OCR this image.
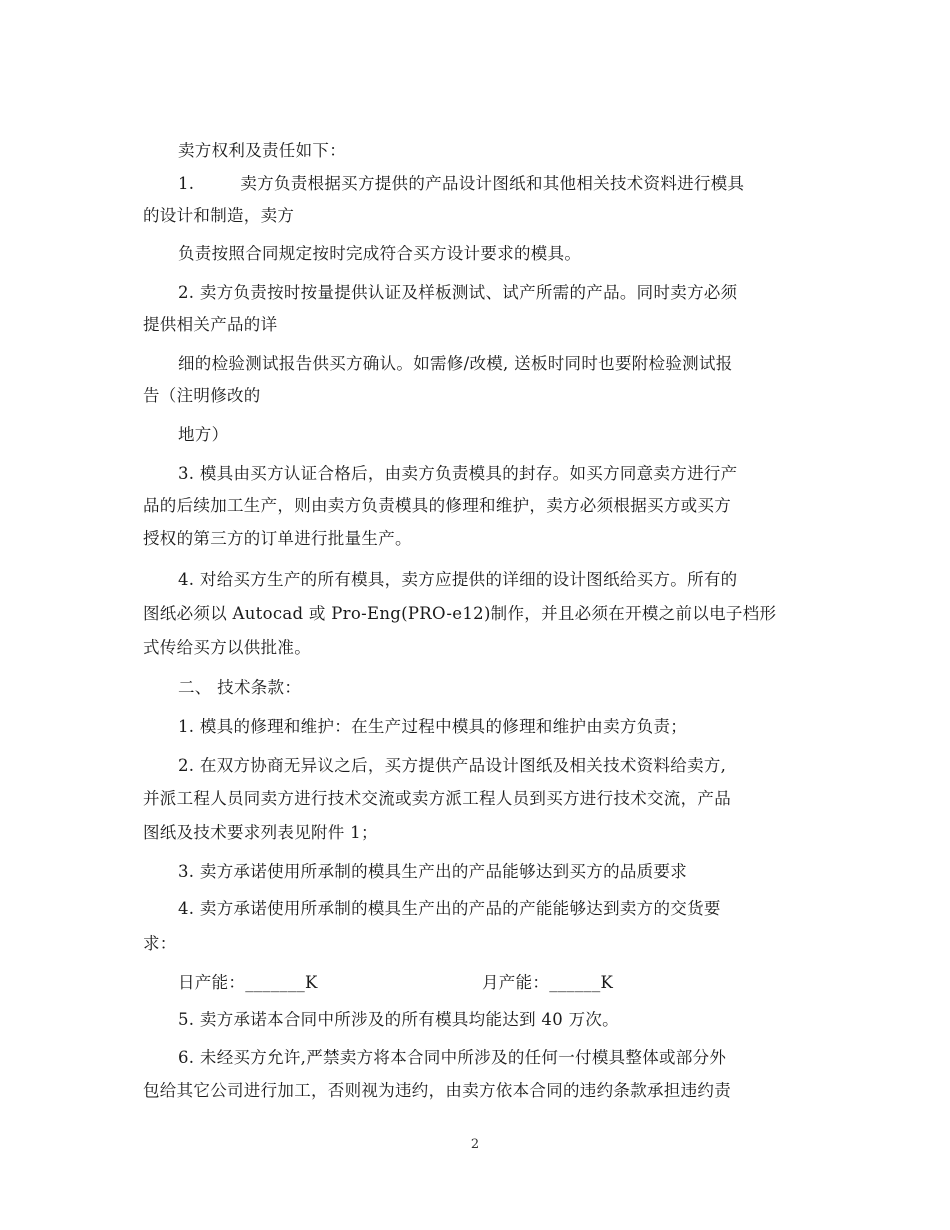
卖方权利及责任如下：
1.	卖方负责根据买方提供的产品设计图纸和其他相关技术资料进行模具
的设计和制造，卖方
负责按照合同规定按时完成符合买方设计要求的模具。
2. 卖方负责按时按量提供认证及样板测试、试产所需的产品。同时卖方必须
提供相关产品的详
细的检验测试报告供买方确认。如需修/改模, 送板时同时也要附检验测试报
告（注明修改的
地方）
3. 模具由买方认证合格后，由卖方负责模具的封存。如买方同意卖方进行产
品的后续加工生产，则由卖方负责模具的修理和维护，卖方必须根据买方或买方
授权的第三方的订单进行批量生产。
4. 对给买方生产的所有模具，卖方应提供的详细的设计图纸给买方。所有的
图纸必须以 Autocad 或 Pro-Eng(PRO-e12)制作，并且必须在开模之前以电子档形
式传给买方以供批准。
二、 技术条款：
1. 模具的修理和维护：在生产过程中模具的修理和维护由卖方负责；
2. 在双方协商无异议之后，买方提供产品设计图纸及相关技术资料给卖方,
并派工程人员同卖方进行技术交流或卖方派工程人员到买方进行技术交流，产品
图纸及技术要求列表见附件 1；
3. 卖方承诺使用所承制的模具生产出的产品能够达到买方的品质要求
4. 卖方承诺使用所承制的模具生产出的产品的产能能够达到卖方的交货要
求：
日产能：_______K	月产能：______K
5. 卖方承诺本合同中所涉及的所有模具均能达到 40 万次。
6. 未经买方允许,严禁卖方将本合同中所涉及的任何一付模具整体或部分外
包给其它公司进行加工，否则视为违约，由卖方依本合同的违约条款承担违约责
2
